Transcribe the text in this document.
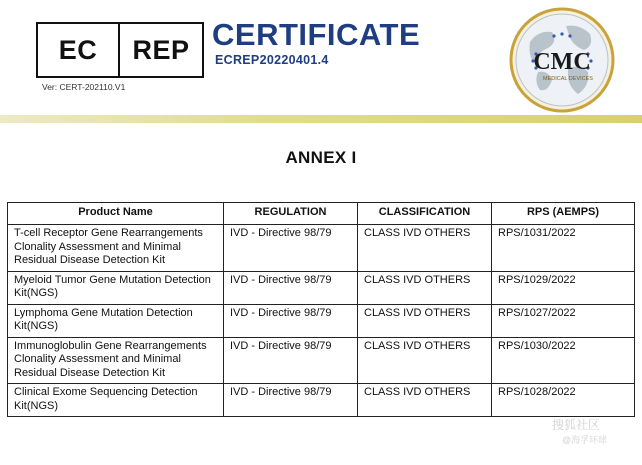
EC	REP
Ver: CERT-202110.V1
CERTIFICATE
ECREP20220401.4	CMC
MEDICAL DEVICES
ANNEX I
Product Name	REGULATION	CLASSIFICATION	RPS (AEMPS)
T-cell Receptor Gene Rearrangements Clonality Assessment and Minimal Residual Disease Detection Kit	IVD - Directive 98/79	CLASS IVD OTHERS	RPS/1031/2022
Myeloid Tumor Gene Mutation Detection Kit(NGS)	IVD - Directive 98/79	CLASS IVD OTHERS	RPS/1029/2022
Lymphoma Gene Mutation Detection Kit(NGS)	IVD - Directive 98/79	CLASS IVD OTHERS	RPS/1027/2022
Immunoglobulin Gene Rearrangements Clonality Assessment and Minimal Residual Disease Detection Kit	IVD - Directive 98/79	CLASS IVD OTHERS	RPS/1030/2022
Clinical Exome Sequencing Detection Kit(NGS)	IVD - Directive 98/79	CLASS IVD OTHERS	RPS/1028/2022
搜狐社区
@海孚环球
